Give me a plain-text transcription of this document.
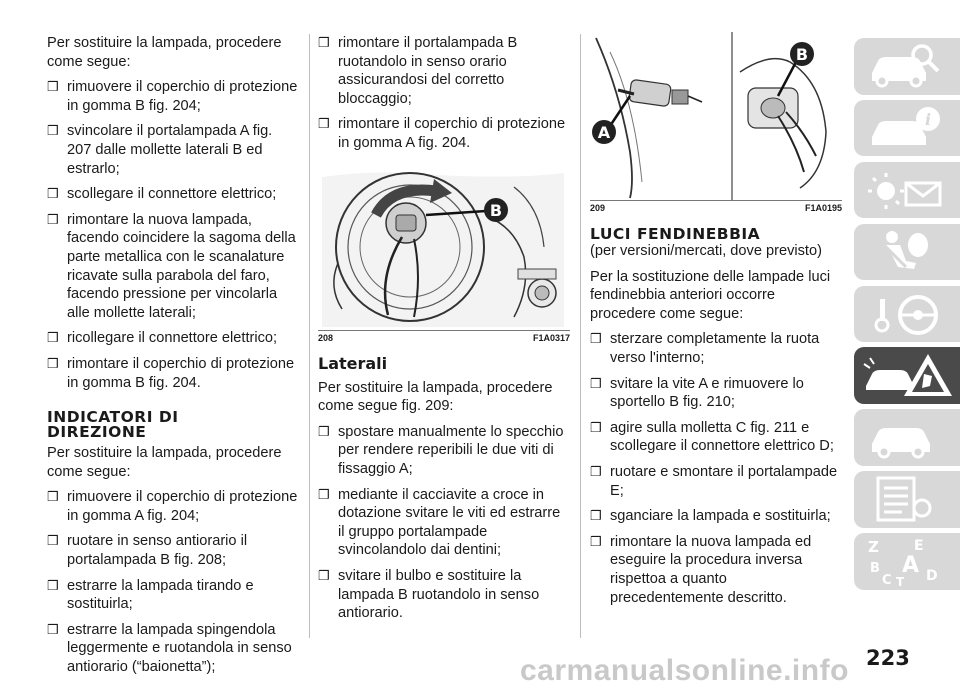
Per sostituire la lampada, procedere come segue:

❒ rimuovere il coperchio di protezione in gomma B fig. 204;

❒ svincolare il portalampada A fig. 207 dalle mollette laterali B ed estrarlo;

❒ scollegare il connettore elettrico;

❒ rimontare la nuova lampada, facendo coincidere la sagoma della parte metallica con le scanalature ricavate sulla parabola del faro, facendo pressione per vincolarla alle mollette laterali;

❒ ricollegare il connettore elettrico;

❒ rimontare il coperchio di protezione in gomma B fig. 204.

INDICATORI DI
DIREZIONE

Per sostituire la lampada, procedere come segue:

❒ rimuovere il coperchio di protezione in gomma A fig. 204;

❒ ruotare in senso antiorario il portalampada B fig. 208;

❒ estrarre la lampada tirando e sostituirla;

❒ estrarre la lampada spingendola leggermente e ruotandola in senso antiorario (“baionetta”);

❒ rimontare il portalampada B ruotandolo in senso orario assicurandosi del corretto bloccaggio;

❒ rimontare il coperchio di protezione in gomma A fig. 204.

B
208	F1A0317
Laterali

Per sostituire la lampada, procedere come segue fig. 209:

❒ spostare manualmente lo specchio per rendere reperibili le due viti di fissaggio A;

❒ mediante il cacciavite a croce in dotazione svitare le viti ed estrarre il gruppo portalampade svincolandolo dai dentini;

❒ svitare il bulbo e sostituire la lampada B ruotandolo in senso antiorario.

A
B
209	F1A0195
LUCI FENDINEBBIA

(per versioni/mercati, dove previsto)

Per la sostituzione delle lampade luci fendinebbia anteriori occorre procedere come segue:

❒ sterzare completamente la ruota verso l'interno;

❒ svitare la vite A e rimuovere lo sportello B fig. 210;

❒ agire sulla molletta C fig. 211 e scollegare il connettore elettrico D;

❒ ruotare e smontare il portalampade E;

❒ sganciare la lampada e sostituirla;

❒ rimontare la nuova lampada ed eseguire la procedura inversa rispettoa a quanto precedentemente descritto.

i
Z	E
B A
C D
T
223
carmanualsonline.info
